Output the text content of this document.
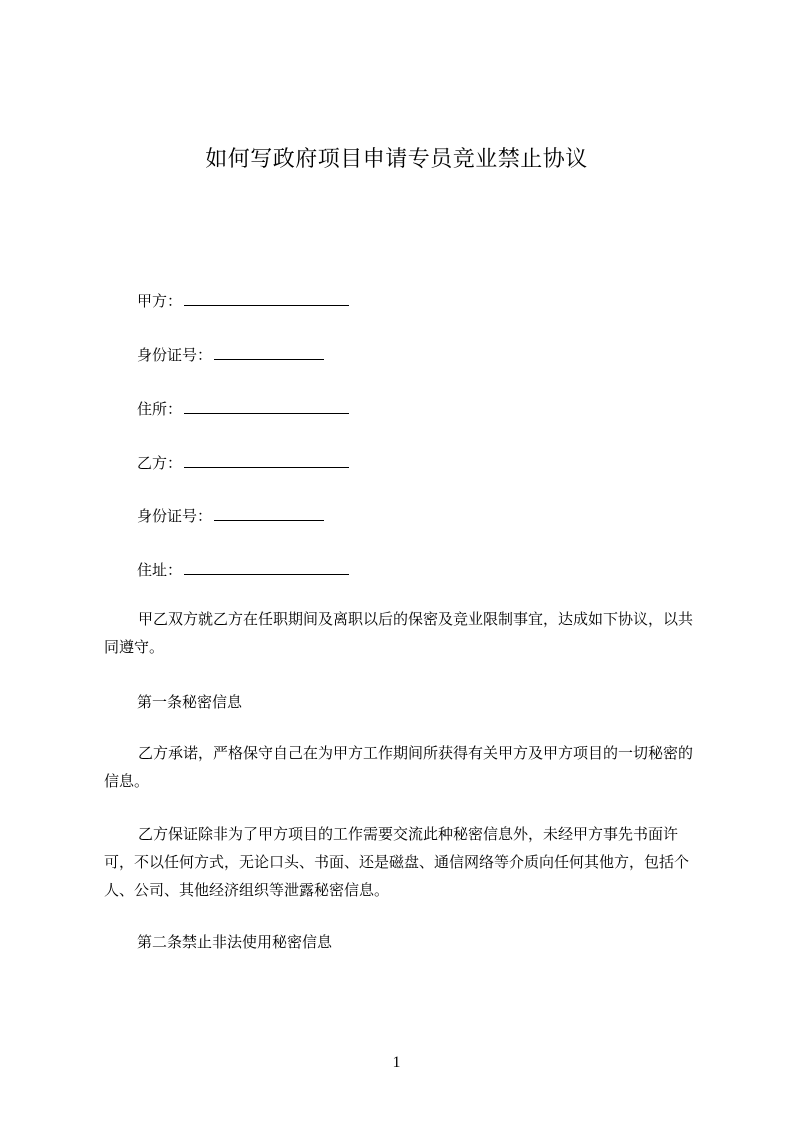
如何写政府项目申请专员竞业禁止协议
甲方：
身份证号：
住所：
乙方：
身份证号：
住址：
甲乙双方就乙方在任职期间及离职以后的保密及竞业限制事宜，达成如下协议，以共同遵守。
第一条秘密信息
乙方承诺，严格保守自己在为甲方工作期间所获得有关甲方及甲方项目的一切秘密的信息。
乙方保证除非为了甲方项目的工作需要交流此种秘密信息外，未经甲方事先书面许可，不以任何方式，无论口头、书面、还是磁盘、通信网络等介质向任何其他方，包括个人、公司、其他经济组织等泄露秘密信息。
第二条禁止非法使用秘密信息
1
